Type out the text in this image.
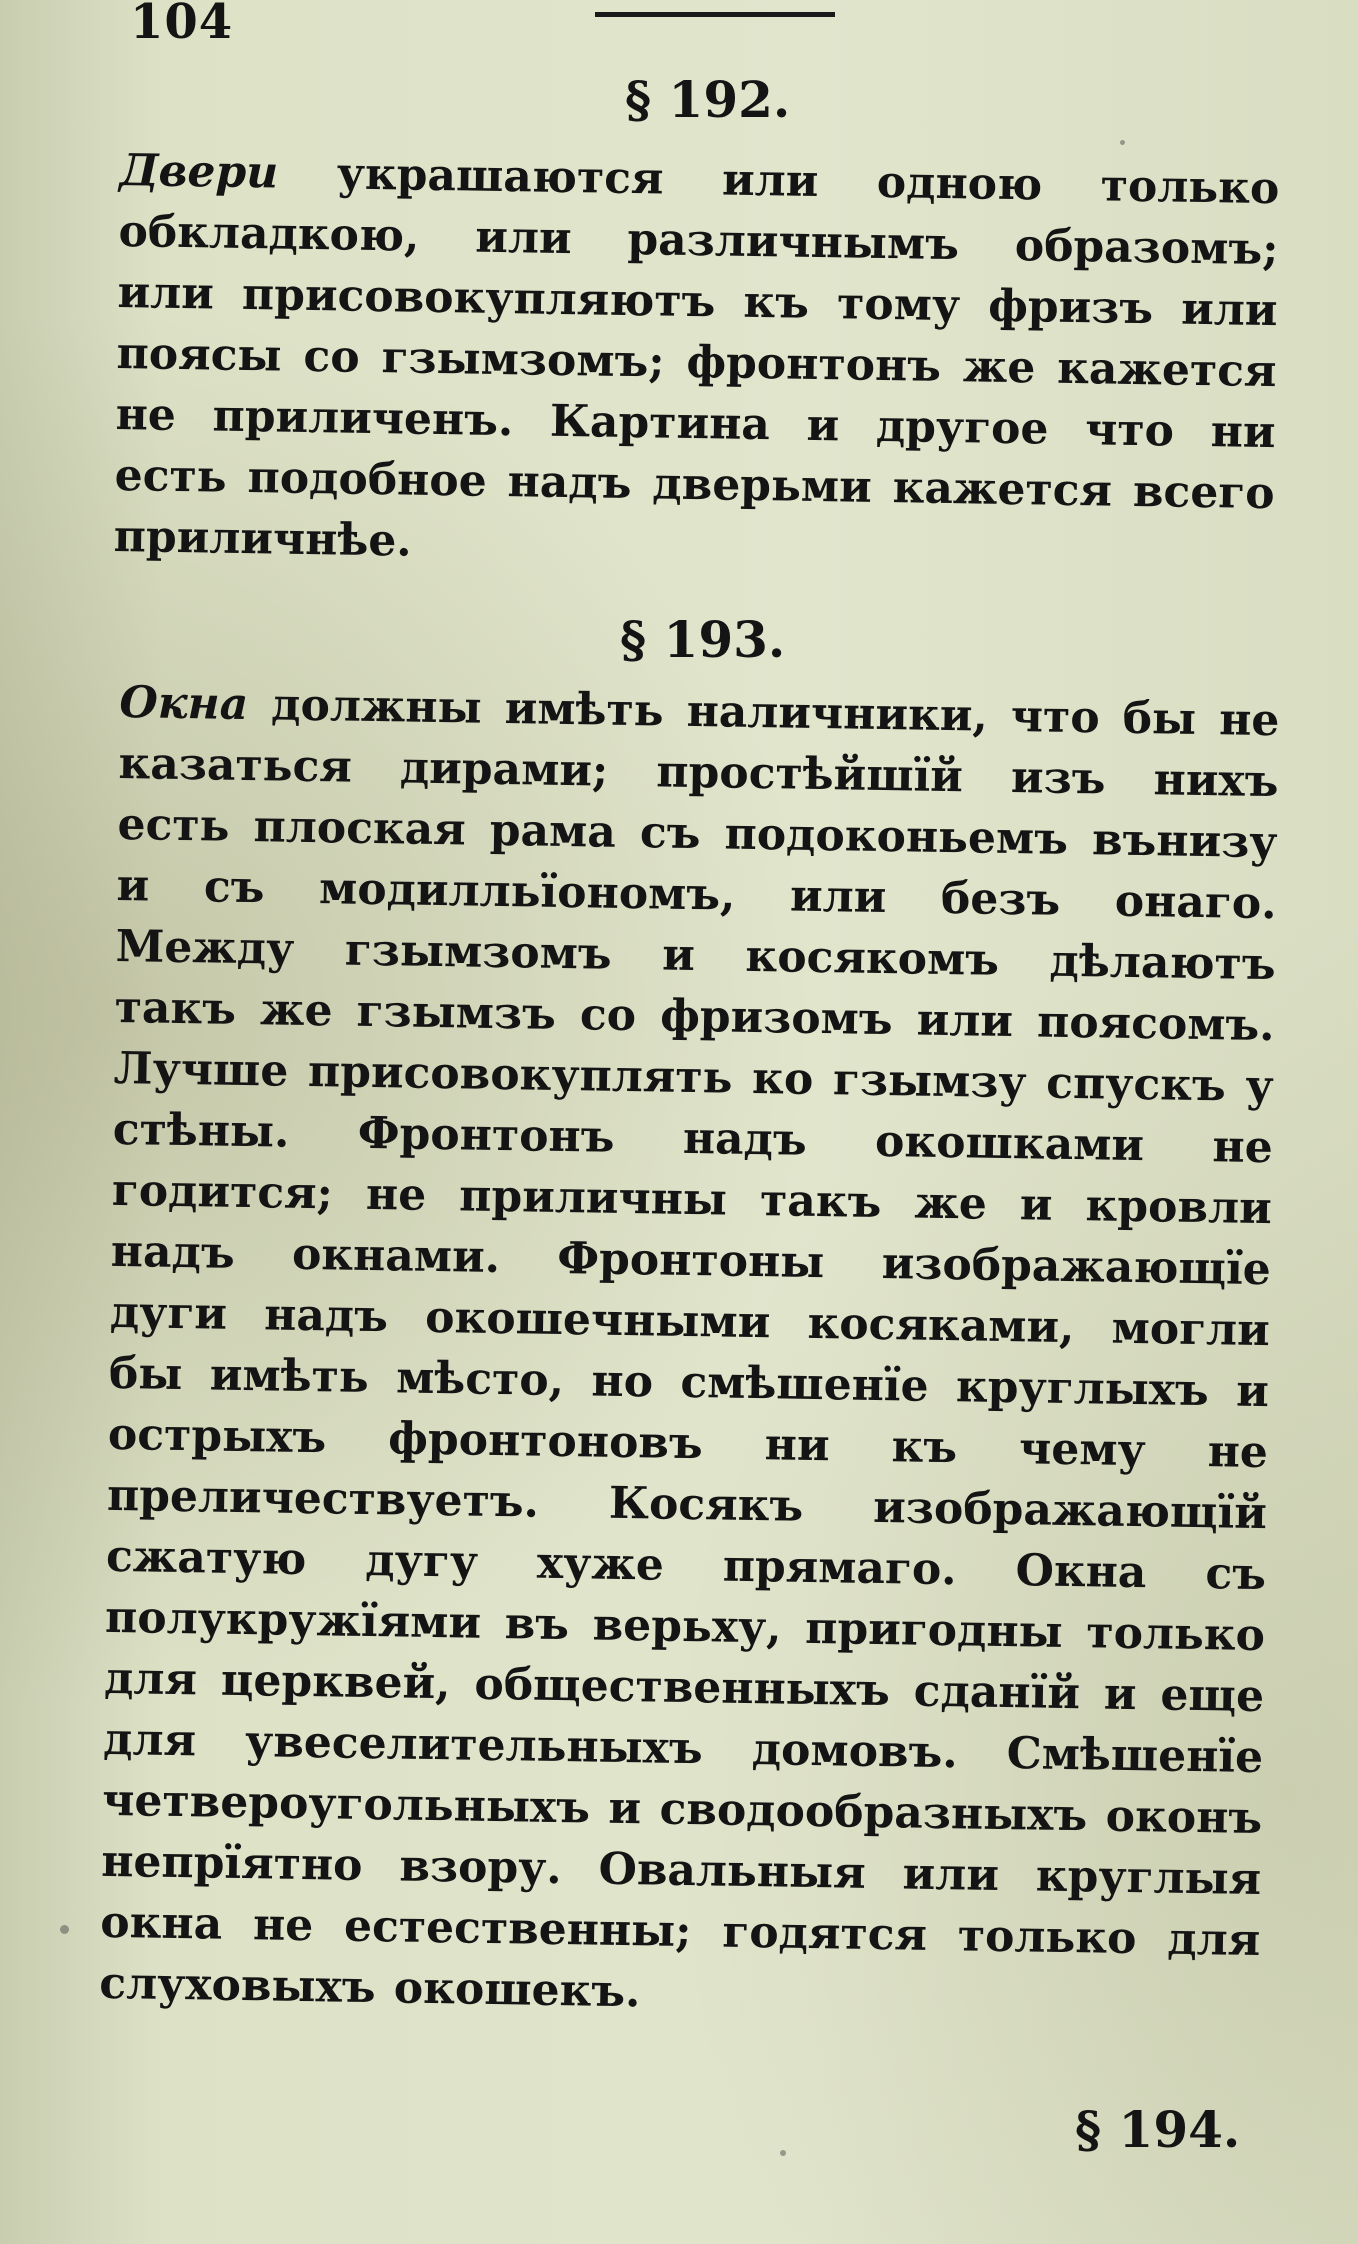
104
§ 192.

Двери украшаются или одною только обкладкою, или различнымъ образомъ; или присовокупляютъ къ тому фризъ или поясы со гзымзомъ; фронтонъ же кажется не приличенъ. Картина и другое что ни есть подобное надъ дверьми кажется всего приличнѣе.

§ 193.

Окна должны имѣть наличники, что бы не казаться дирами; простѣйшїй изъ нихъ есть плоская рама съ подоконьемъ вънизу и съ модилльїономъ, или безъ онаго. Между гзымзомъ и косякомъ дѣлаютъ такъ же гзымзъ со фризомъ или поясомъ. Лучше присовокуплять ко гзымзу спускъ у стѣны. Фронтонъ надъ окошками не годится; не приличны такъ же и кровли надъ окнами. Фронтоны изображающїе дуги надъ окошечными косяками, могли бы имѣть мѣсто, но смѣшенїе круглыхъ и острыхъ фронтоновъ ни къ чему не преличествуетъ. Косякъ изображающїй сжатую дугу хуже прямаго. Окна съ полукружїями въ верьху, пригодны только для церквей, общественныхъ сданїй и еще для увеселительныхъ домовъ. Смѣшенїе четвероугольныхъ и сводообразныхъ оконъ непрїятно взору. Овальныя или круглыя окна не естественны; годятся только для слуховыхъ окошекъ.

§ 194.
